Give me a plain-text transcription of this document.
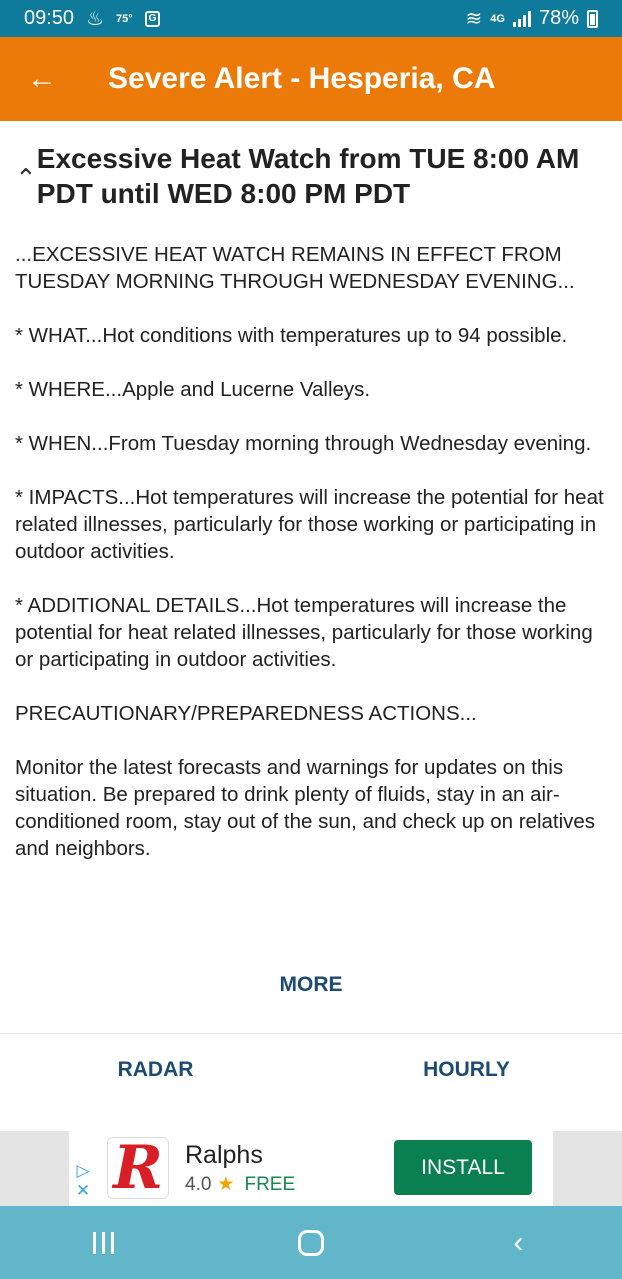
09:50 ♨ 75°	G	≋ 4G 78%
←	Severe Alert - Hesperia, CA
⌃
Excessive Heat Watch from TUE 8:00 AM PDT until WED 8:00 PM PDT
...EXCESSIVE HEAT WATCH REMAINS IN EFFECT FROM TUESDAY MORNING THROUGH WEDNESDAY EVENING...

* WHAT...Hot conditions with temperatures up to 94 possible.

* WHERE...Apple and Lucerne Valleys.

* WHEN...From Tuesday morning through Wednesday evening.

* IMPACTS...Hot temperatures will increase the potential for heat related illnesses, particularly for those working or participating in outdoor activities.

* ADDITIONAL DETAILS...Hot temperatures will increase the potential for heat related illnesses, particularly for those working or participating in outdoor activities.

PRECAUTIONARY/PREPAREDNESS ACTIONS...

Monitor the latest forecasts and warnings for updates on this situation. Be prepared to drink plenty of fluids, stay in an air- conditioned room, stay out of the sun, and check up on relatives and neighbors.
MORE
RADAR	HOURLY
▷
✕ R Ralphs
4.0 ★ FREE
INSTALL
‹
